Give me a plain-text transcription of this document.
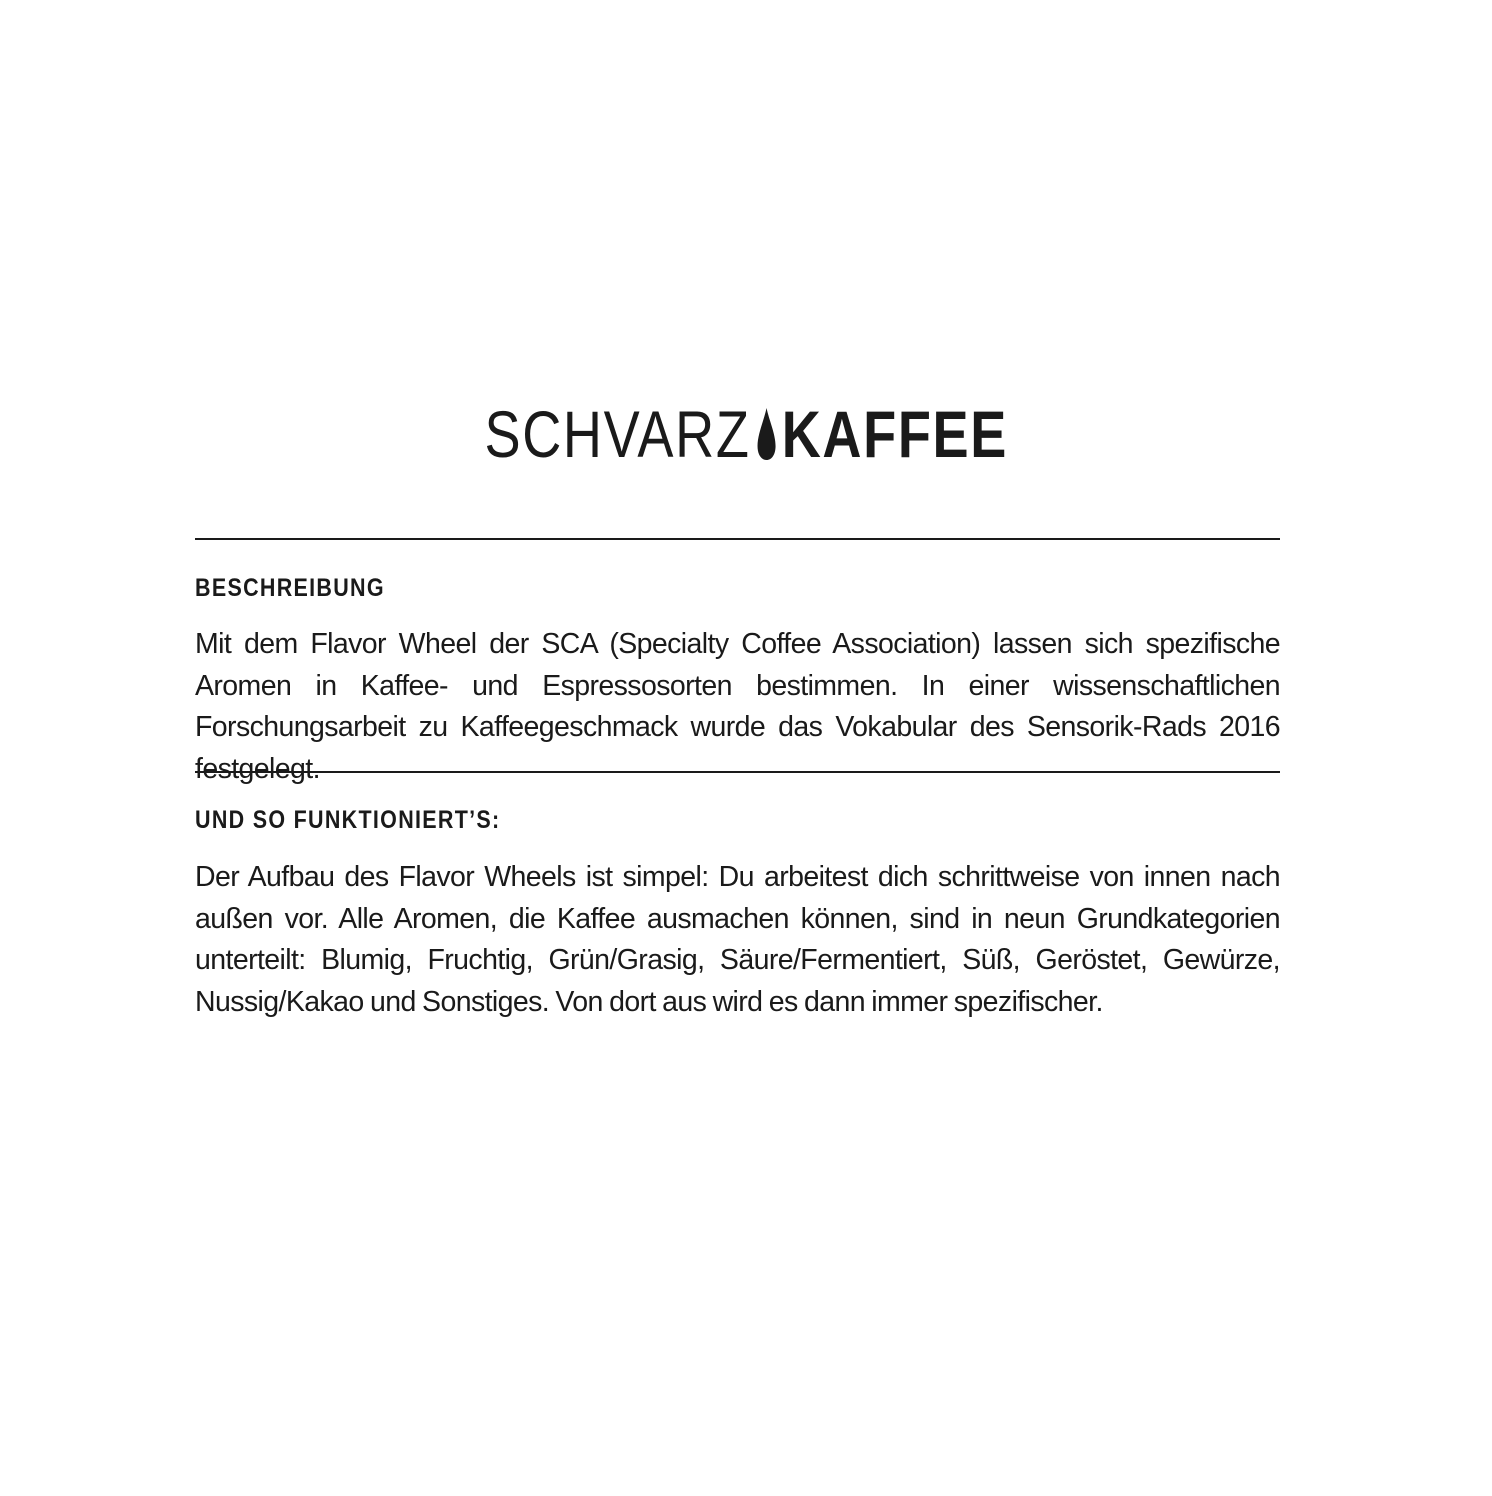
SCHVARZ KAFFEE
BESCHREIBUNG
Mit dem Flavor Wheel der SCA (Specialty Coffee Association) lassen sich spezifische Aromen in Kaffee- und Espressosorten bestimmen. In einer wissenschaftlichen Forschungsarbeit zu Kaffeegeschmack wurde das Vokabular des Sensorik-Rads 2016 festgelegt.
UND SO FUNKTIONIERT’S:
Der Aufbau des Flavor Wheels ist simpel: Du arbeitest dich schrittweise von innen nach außen vor. Alle Aromen, die Kaffee ausmachen können, sind in neun Grundkategorien unterteilt: Blumig, Fruchtig, Grün/Grasig, Säure/Fermentiert, Süß, Geröstet, Gewürze, Nussig/Kakao und Sonstiges. Von dort aus wird es dann immer spezifischer.
